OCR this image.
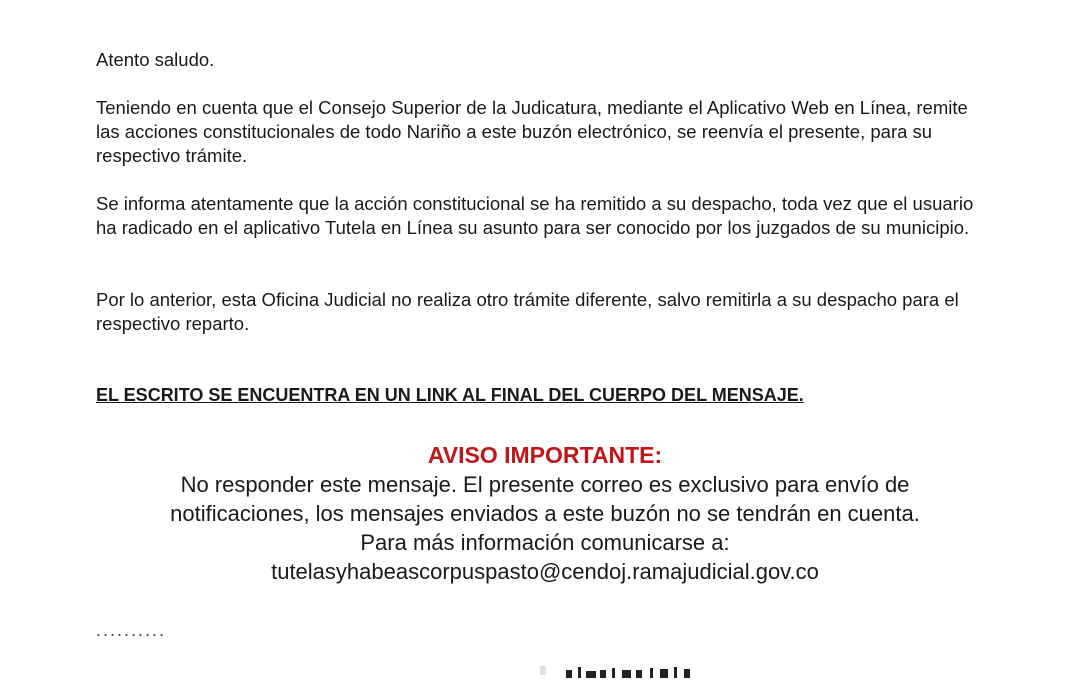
Atento saludo.

Teniendo en cuenta que el Consejo Superior de la Judicatura, mediante el Aplicativo Web en Línea, remite las acciones constitucionales de todo Nariño a este buzón electrónico, se reenvía el presente, para su respectivo trámite.

Se informa atentamente que la acción constitucional se ha remitido a su despacho, toda vez que el usuario ha radicado en el aplicativo Tutela en Línea su asunto para ser conocido por los juzgados de su municipio.

Por lo anterior, esta Oficina Judicial no realiza otro trámite diferente, salvo remitirla a su despacho para el respectivo reparto.

EL ESCRITO SE ENCUENTRA EN UN LINK AL FINAL DEL CUERPO DEL MENSAJE.

AVISO IMPORTANTE:

No responder este mensaje. El presente correo es exclusivo para envío de

notificaciones, los mensajes enviados a este buzón no se tendrán en cuenta.

Para más información comunicarse a:

tutelasyhabeascorpuspasto@cendoj.ramajudicial.gov.co

..........
